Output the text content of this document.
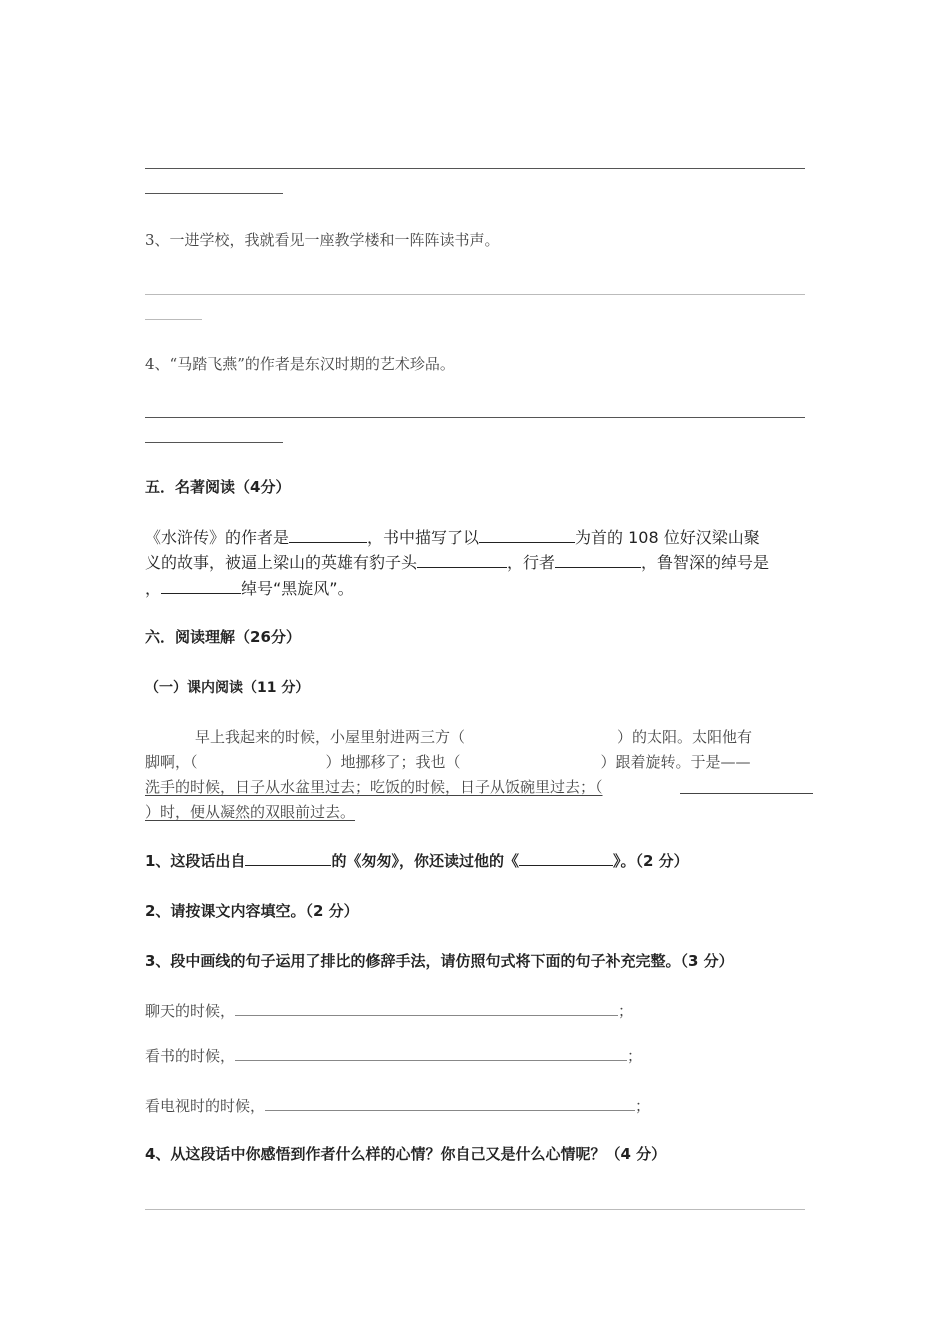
3、一进学校，我就看见一座教学楼和一阵阵读书声。
4、“马踏飞燕”的作者是东汉时期的艺术珍品。
五．名著阅读（4分）
《水浒传》的作者是	，书中描写了以	为首的 108 位好汉梁山聚
义的故事，被逼上梁山的英雄有豹子头	，行者	，鲁智深的绰号是
，	绰号“黑旋风”。
六．阅读理解（26分）
（一）课内阅读（11 分）
早上我起来的时候，小屋里射进两三方（	）的太阳。太阳他有
脚啊，（	）地挪移了；我也（	）跟着旋转。于是——
洗手的时候，日子从水盆里过去；吃饭的时候，日子从饭碗里过去；（
）时，便从凝然的双眼前过去。
1、这段话出自	的《匆匆》，你还读过他的《	》。（2 分）
2、请按课文内容填空。（2 分）
3、段中画线的句子运用了排比的修辞手法，请仿照句式将下面的句子补充完整。（3 分）
聊天的时候，	；
看书的时候，	；
看电视时的时候，	；
4、从这段话中你感悟到作者什么样的心情？你自己又是什么心情呢？（4 分）
